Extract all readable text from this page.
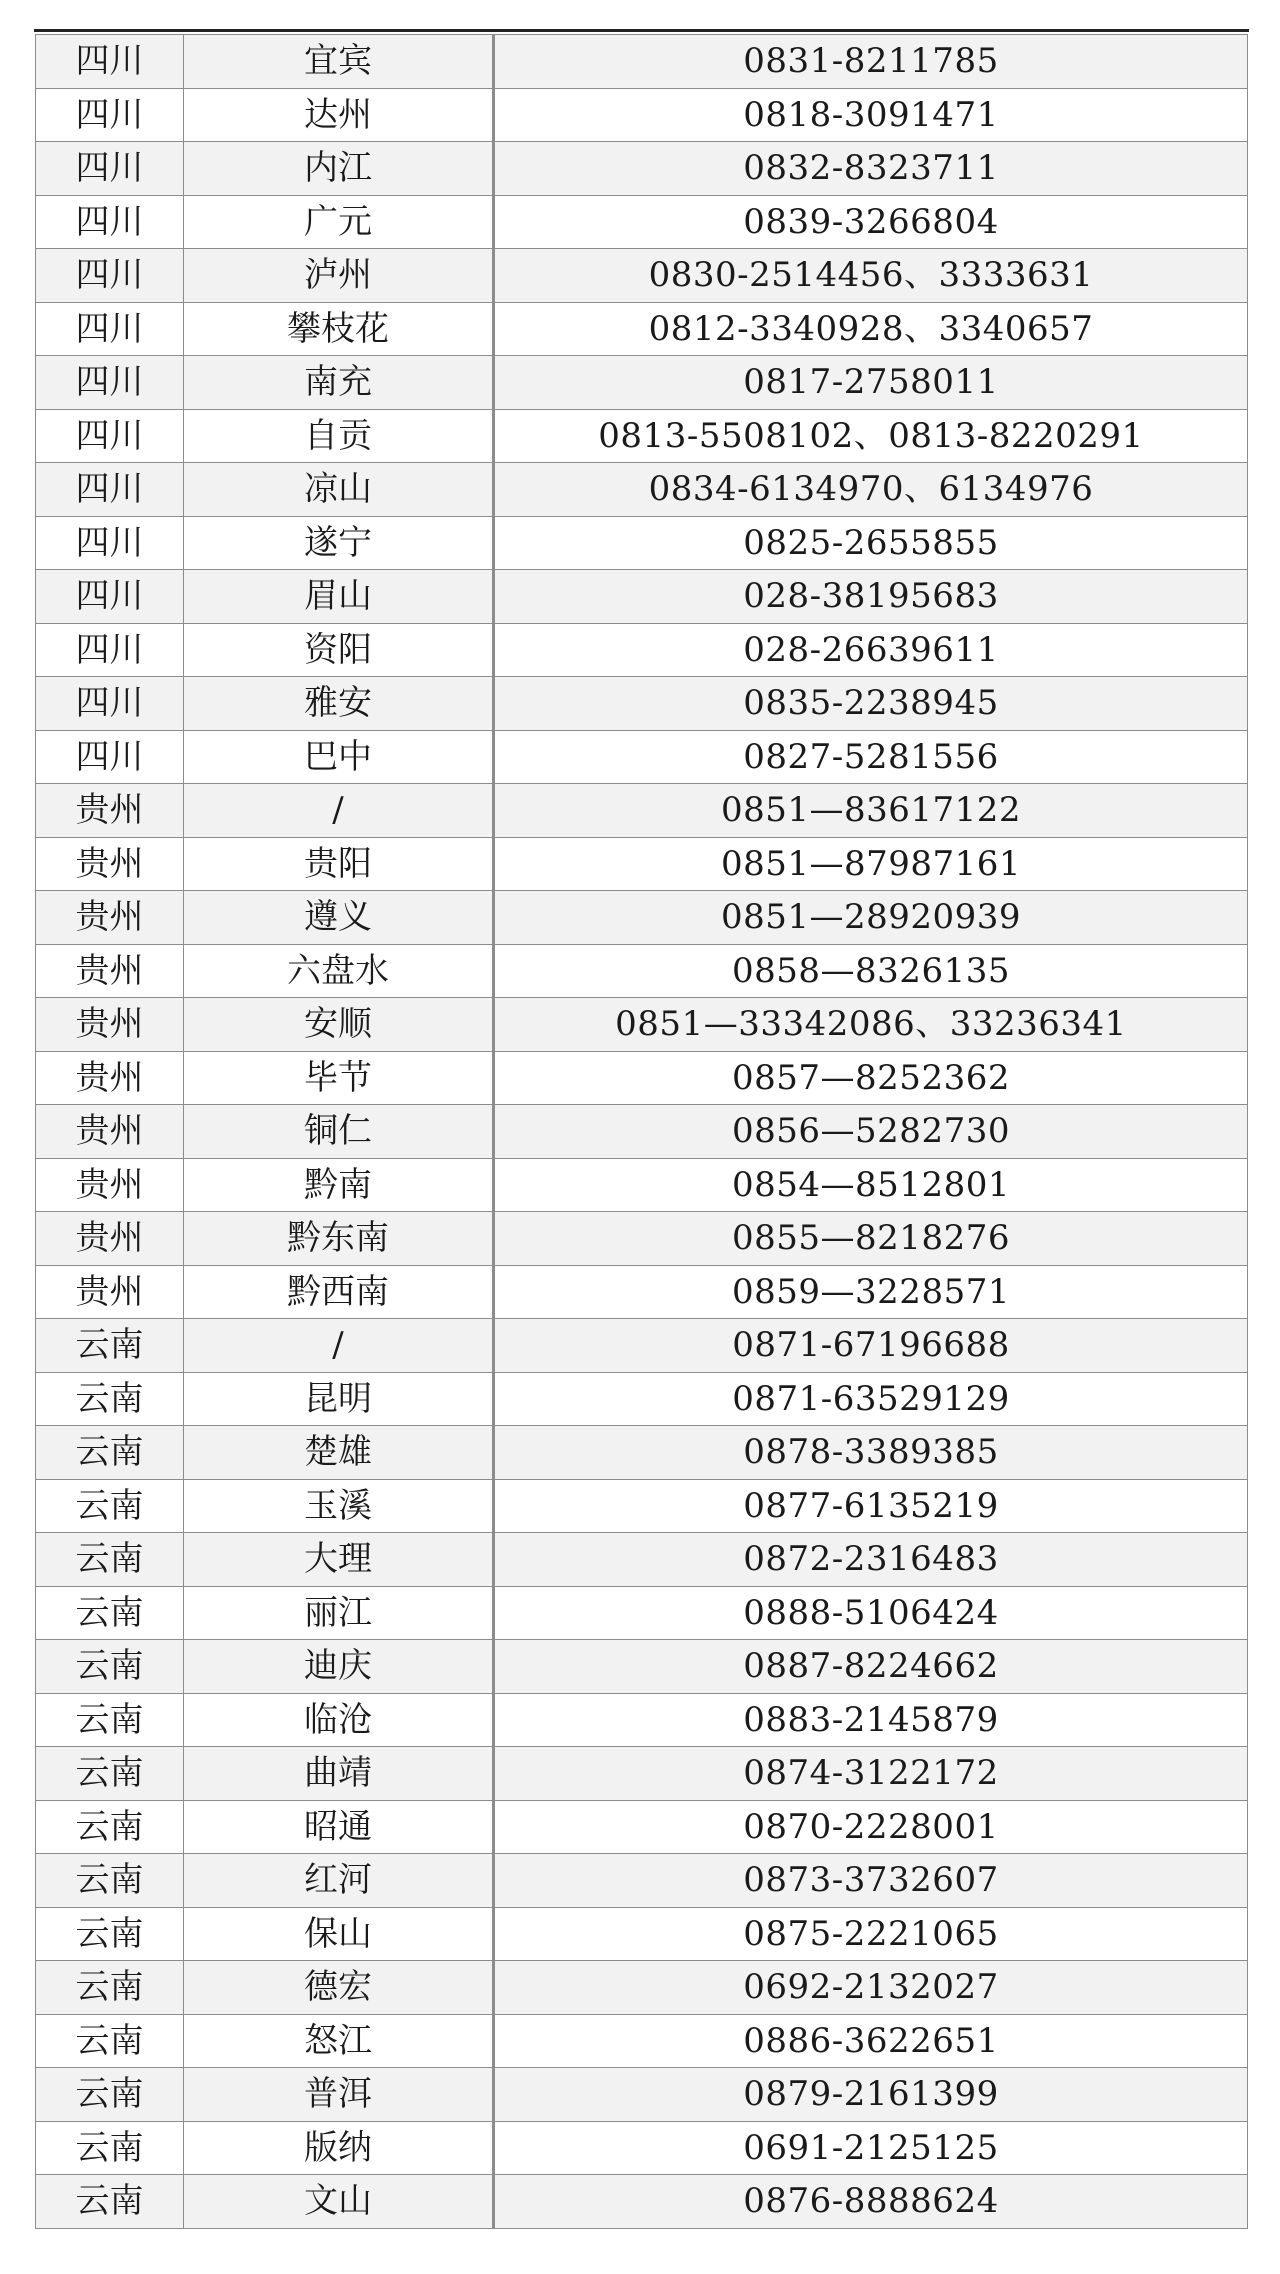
四川	宜宾	0831-8211785
四川	达州	0818-3091471
四川	内江	0832-8323711
四川	广元	0839-3266804
四川	泸州	0830-2514456、3333631
四川	攀枝花	0812-3340928、3340657
四川	南充	0817-2758011
四川	自贡	0813-5508102、0813-8220291
四川	凉山	0834-6134970、6134976
四川	遂宁	0825-2655855
四川	眉山	028-38195683
四川	资阳	028-26639611
四川	雅安	0835-2238945
四川	巴中	0827-5281556
贵州	/	0851—83617122
贵州	贵阳	0851—87987161
贵州	遵义	0851—28920939
贵州	六盘水	0858—8326135
贵州	安顺	0851—33342086、33236341
贵州	毕节	0857—8252362
贵州	铜仁	0856—5282730
贵州	黔南	0854—8512801
贵州	黔东南	0855—8218276
贵州	黔西南	0859—3228571
云南	/	0871-67196688
云南	昆明	0871-63529129
云南	楚雄	0878-3389385
云南	玉溪	0877-6135219
云南	大理	0872-2316483
云南	丽江	0888-5106424
云南	迪庆	0887-8224662
云南	临沧	0883-2145879
云南	曲靖	0874-3122172
云南	昭通	0870-2228001
云南	红河	0873-3732607
云南	保山	0875-2221065
云南	德宏	0692-2132027
云南	怒江	0886-3622651
云南	普洱	0879-2161399
云南	版纳	0691-2125125
云南	文山	0876-8888624
